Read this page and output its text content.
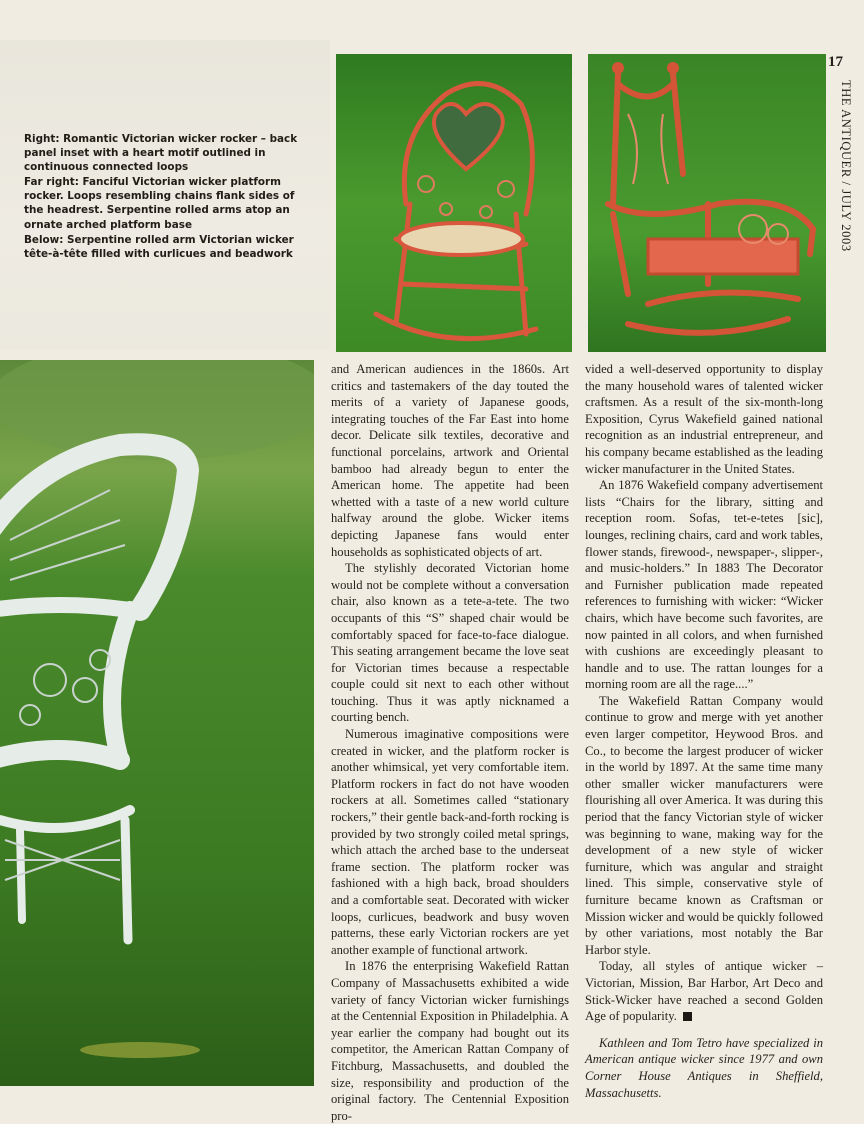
Right: Romantic Victorian wicker rocker – back panel inset with a heart motif outlined in continuous connected loops

Far right: Fanciful Victorian wicker platform rocker. Loops resembling chains flank sides of the headrest. Serpentine rolled arms atop an ornate arched platform base

Below: Serpentine rolled arm Victorian wicker tête-à-tête filled with curlicues and beadwork

17
THE ANTIQUER / JULY 2003

and American audiences in the 1860s. Art critics and tastemakers of the day touted the merits of a variety of Japanese goods, integrating touches of the Far East into home decor. Delicate silk textiles, decorative and functional porcelains, artwork and Oriental bamboo had already begun to enter the American home. The appetite had been whetted with a taste of a new world culture halfway around the globe. Wicker items depicting Japanese fans would enter households as sophisticated objects of art.

The stylishly decorated Victorian home would not be complete without a conversation chair, also known as a tete-a-tete. The two occupants of this “S” shaped chair would be comfortably spaced for face-to-face dialogue. This seating arrangement became the love seat for Victorian times because a respectable couple could sit next to each other without touching. Thus it was aptly nicknamed a courting bench.

Numerous imaginative compositions were created in wicker, and the platform rocker is another whimsical, yet very comfortable item. Platform rockers in fact do not have wooden rockers at all. Sometimes called “stationary rockers,” their gentle back-and-forth rocking is provided by two strongly coiled metal springs, which attach the arched base to the underseat frame section. The platform rocker was fashioned with a high back, broad shoulders and a comfortable seat. Decorated with wicker loops, curlicues, beadwork and busy woven patterns, these early Victorian rockers are yet another example of functional artwork.

In 1876 the enterprising Wakefield Rattan Company of Massachusetts exhibited a wide variety of fancy Victorian wicker furnishings at the Centennial Exposition in Philadelphia. A year earlier the company had bought out its competitor, the American Rattan Company of Fitchburg, Massachusetts, and doubled the size, responsibility and production of the original factory. The Centennial Exposition pro-

vided a well-deserved opportunity to display the many household wares of talented wicker craftsmen. As a result of the six-month-long Exposition, Cyrus Wakefield gained national recognition as an industrial entrepreneur, and his company became established as the leading wicker manufacturer in the United States.

An 1876 Wakefield company advertisement lists “Chairs for the library, sitting and reception room. Sofas, tet-e-tetes [sic], lounges, reclining chairs, card and work tables, flower stands, firewood-, newspaper-, slipper-, and music-holders.” In 1883 The Decorator and Furnisher publication made repeated references to furnishing with wicker: “Wicker chairs, which have become such favorites, are now painted in all colors, and when furnished with cushions are exceedingly pleasant to handle and to use. The rattan lounges for a morning room are all the rage....”

The Wakefield Rattan Company would continue to grow and merge with yet another even larger competitor, Heywood Bros. and Co., to become the largest producer of wicker in the world by 1897. At the same time many other smaller wicker manufacturers were flourishing all over America. It was during this period that the fancy Victorian style of wicker was beginning to wane, making way for the development of a new style of wicker furniture, which was angular and straight lined. This simple, conservative style of furniture became known as Craftsman or Mission wicker and would be quickly followed by other variations, most notably the Bar Harbor style.

Today, all styles of antique wicker – Victorian, Mission, Bar Harbor, Art Deco and Stick-Wicker have reached a second Golden Age of popularity.

Kathleen and Tom Tetro have specialized in American antique wicker since 1977 and own Corner House Antiques in Sheffield, Massachusetts.
